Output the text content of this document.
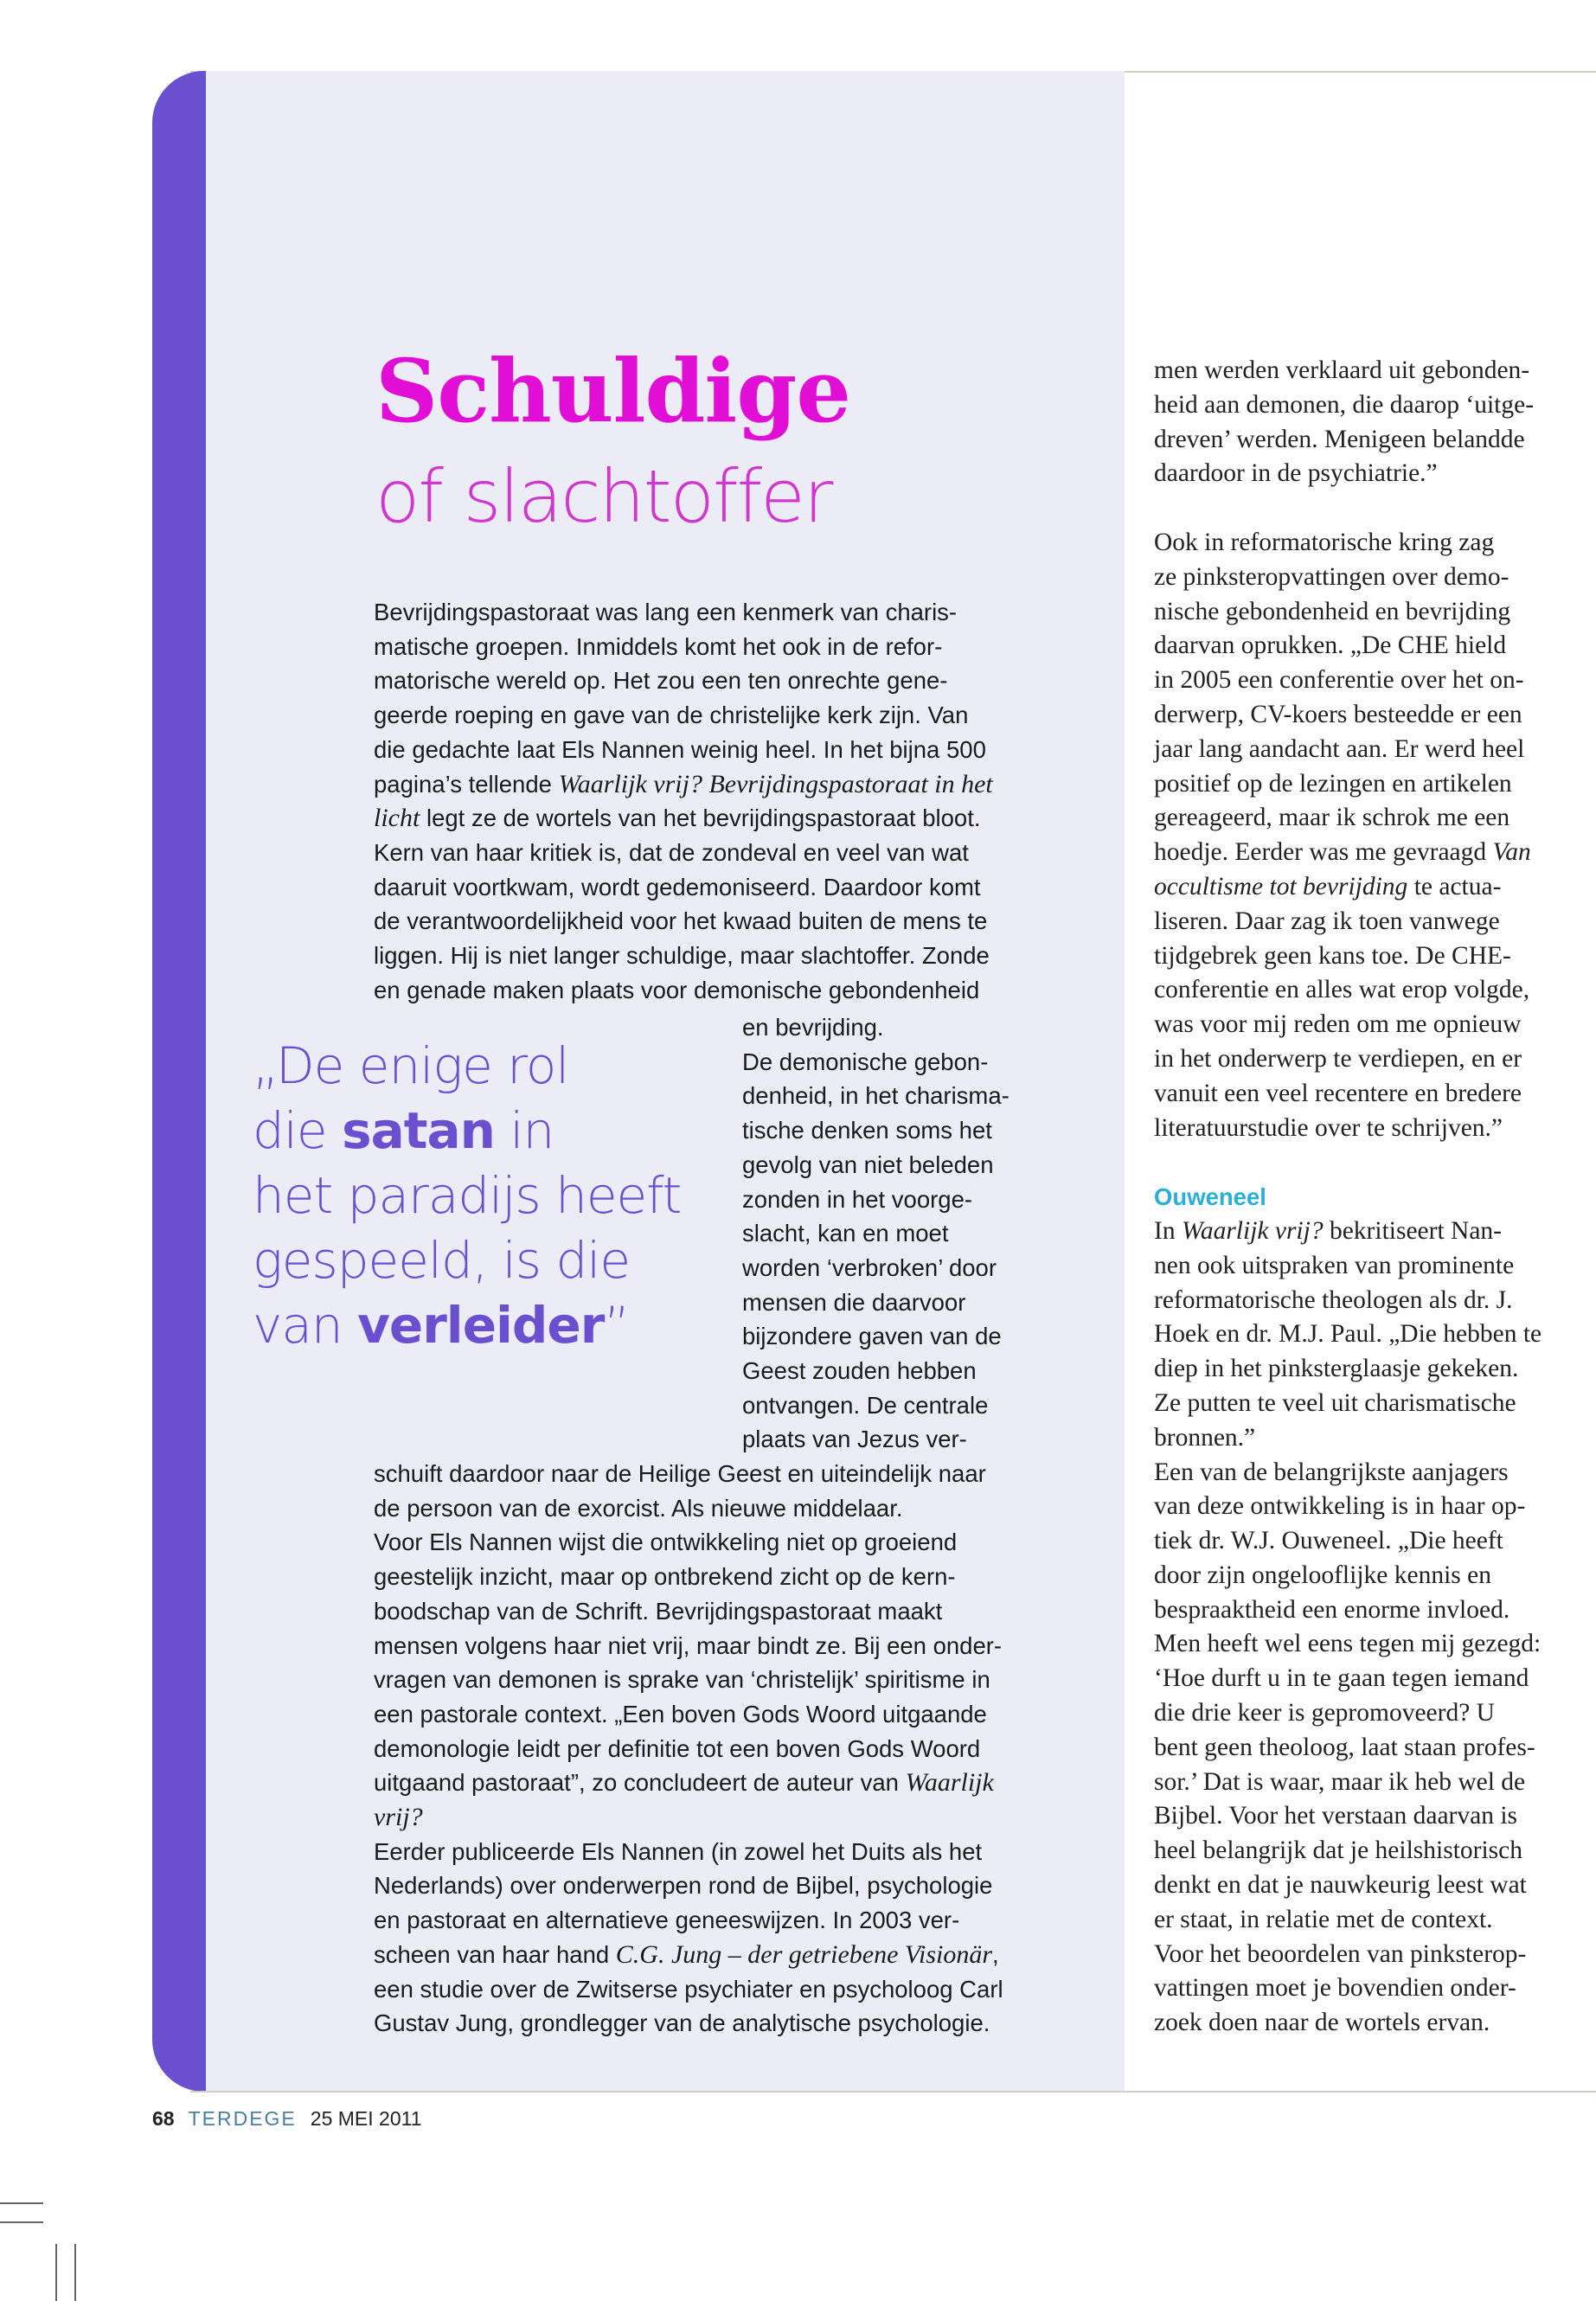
Schuldige
of slachtoffer

Bevrijdingspastoraat was lang een kenmerk van charis-
matische groepen. Inmiddels komt het ook in de refor-
matorische wereld op. Het zou een ten onrechte gene-
geerde roeping en gave van de christelijke kerk zijn. Van
die gedachte laat Els Nannen weinig heel. In het bijna 500
pagina’s tellende Waarlijk vrij? Bevrijdingspastoraat in het
licht legt ze de wortels van het bevrijdingspastoraat bloot.
Kern van haar kritiek is, dat de zondeval en veel van wat
daaruit voortkwam, wordt gedemoniseerd. Daardoor komt
de verantwoordelijkheid voor het kwaad buiten de mens te
liggen. Hij is niet langer schuldige, maar slachtoffer. Zonde
en genade maken plaats voor demonische gebondenheid

„De enige rol
die satan in
het paradijs heeft
gespeeld, is die
van verleider”

en bevrijding.
De demonische gebon-
denheid, in het charisma-
tische denken soms het
gevolg van niet beleden
zonden in het voorge-
slacht, kan en moet
worden ‘verbroken’ door
mensen die daarvoor
bijzondere gaven van de
Geest zouden hebben
ontvangen. De centrale
plaats van Jezus ver-

schuift daardoor naar de Heilige Geest en uiteindelijk naar
de persoon van de exorcist. Als nieuwe middelaar.
Voor Els Nannen wijst die ontwikkeling niet op groeiend
geestelijk inzicht, maar op ontbrekend zicht op de kern-
boodschap van de Schrift. Bevrijdingspastoraat maakt
mensen volgens haar niet vrij, maar bindt ze. Bij een onder-
vragen van demonen is sprake van ‘christelijk’ spiritisme in
een pastorale context. „Een boven Gods Woord uitgaande
demonologie leidt per definitie tot een boven Gods Woord
uitgaand pastoraat”, zo concludeert de auteur van Waarlijk
vrij?
Eerder publiceerde Els Nannen (in zowel het Duits als het
Nederlands) over onderwerpen rond de Bijbel, psychologie
en pastoraat en alternatieve geneeswijzen. In 2003 ver-
scheen van haar hand C.G. Jung – der getriebene Visionär,
een studie over de Zwitserse psychiater en psycholoog Carl
Gustav Jung, grondlegger van de analytische psychologie.

men werden verklaard uit gebonden-
heid aan demonen, die daarop ‘uitge-
dreven’ werden. Menigeen belandde
daardoor in de psychiatrie.”
Ook in reformatorische kring zag
ze pinksteropvattingen over demo-
nische gebondenheid en bevrijding
daarvan oprukken. „De CHE hield
in 2005 een conferentie over het on-
derwerp, CV-koers besteedde er een
jaar lang aandacht aan. Er werd heel
positief op de lezingen en artikelen
gereageerd, maar ik schrok me een
hoedje. Eerder was me gevraagd Van
occultisme tot bevrijding te actua-
liseren. Daar zag ik toen vanwege
tijdgebrek geen kans toe. De CHE-
conferentie en alles wat erop volgde,
was voor mij reden om me opnieuw
in het onderwerp te verdiepen, en er
vanuit een veel recentere en bredere
literatuurstudie over te schrijven.”
Ouweneel
In Waarlijk vrij? bekritiseert Nan-
nen ook uitspraken van prominente
reformatorische theologen als dr. J.
Hoek en dr. M.J. Paul. „Die hebben te
diep in het pinksterglaasje gekeken.
Ze putten te veel uit charismatische
bronnen.”
Een van de belangrijkste aanjagers
van deze ontwikkeling is in haar op-
tiek dr. W.J. Ouweneel. „Die heeft
door zijn ongelooflijke kennis en
bespraaktheid een enorme invloed.
Men heeft wel eens tegen mij gezegd:
‘Hoe durft u in te gaan tegen iemand
die drie keer is gepromoveerd? U
bent geen theoloog, laat staan profes-
sor.’ Dat is waar, maar ik heb wel de
Bijbel. Voor het verstaan daarvan is
heel belangrijk dat je heilshistorisch
denkt en dat je nauwkeurig leest wat
er staat, in relatie met de context.
Voor het beoordelen van pinksterop-
vattingen moet je bovendien onder-
zoek doen naar de wortels ervan.
68 TERDEGE 25 MEI 2011
